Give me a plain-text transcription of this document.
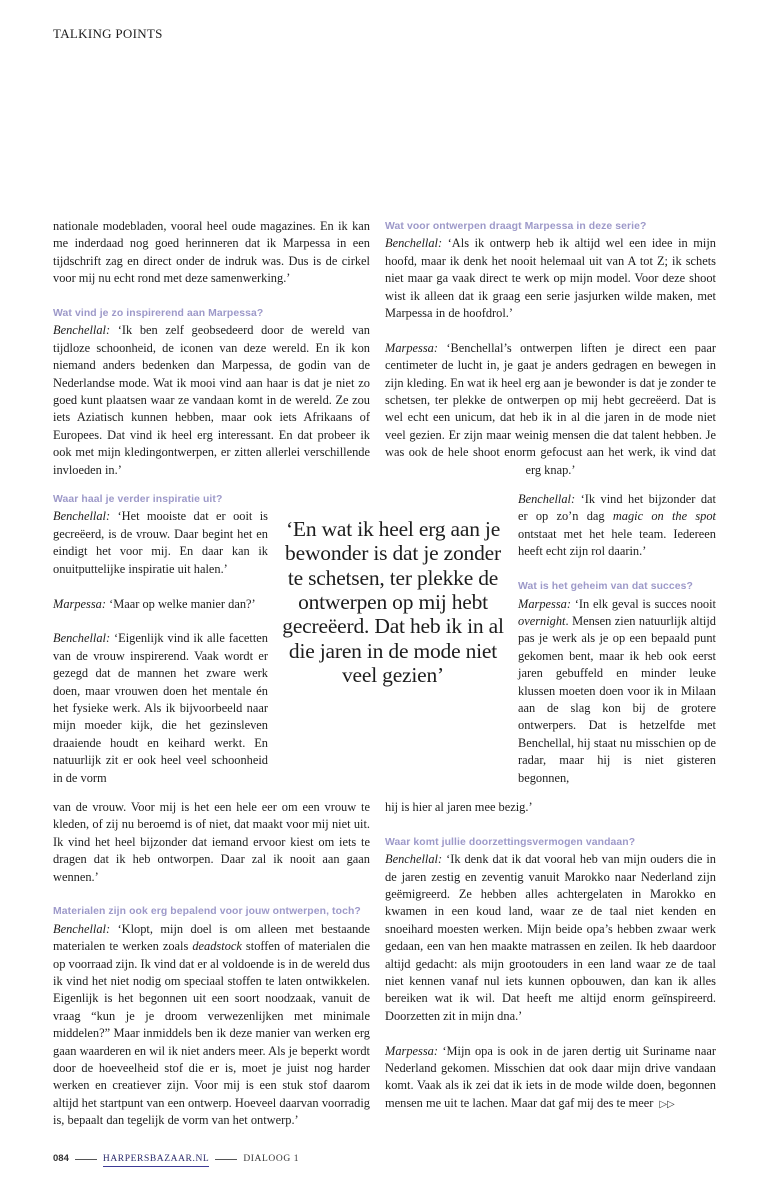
TALKING POINTS

nationale modebladen, vooral heel oude magazines. En ik kan me inderdaad nog goed herinneren dat ik Marpessa in een tijdschrift zag en direct onder de indruk was. Dus is de cirkel voor mij nu echt rond met deze samenwerking.’

Wat vind je zo inspirerend aan Marpessa?
Benchellal: ‘Ik ben zelf geobsedeerd door de wereld van tijdloze schoonheid, de iconen van deze wereld. En ik kon niemand anders bedenken dan Marpessa, de godin van de Nederlandse mode. Wat ik mooi vind aan haar is dat je niet zo goed kunt plaatsen waar ze vandaan komt in de wereld. Ze zou iets Aziatisch kunnen hebben, maar ook iets Afrikaans of Europees. Dat vind ik heel erg interessant. En dat probeer ik ook met mijn kledingontwerpen, er zitten allerlei verschillende invloeden in.’

Wat voor ontwerpen draagt Marpessa in deze serie?
Benchellal: ‘Als ik ontwerp heb ik altijd wel een idee in mijn hoofd, maar ik denk het nooit helemaal uit van A tot Z; ik schets niet maar ga vaak direct te werk op mijn model. Voor deze shoot wist ik alleen dat ik graag een serie jasjurken wilde maken, met Marpessa in de hoofdrol.’

Marpessa: ‘Benchellal’s ontwerpen liften je direct een paar centimeter de lucht in, je gaat je anders gedragen en bewegen in zijn kleding. En wat ik heel erg aan je bewonder is dat je zonder te schetsen, ter plekke de ontwerpen op mij hebt gecreëerd. Dat is wel echt een unicum, dat heb ik in al die jaren in de mode niet veel gezien. Er zijn maar weinig mensen die dat talent hebben. Je was ook de hele shoot enorm gefocust aan het werk, ik vind dat erg knap.’

Waar haal je verder inspiratie uit?
Benchellal: ‘Het mooiste dat er ooit is gecreëerd, is de vrouw. Daar begint het en eindigt het voor mij. En daar kan ik onuitputtelijke inspiratie uit halen.’

Marpessa: ‘Maar op welke manier dan?’

Benchellal: ‘Eigenlijk vind ik alle facetten van de vrouw inspirerend. Vaak wordt er gezegd dat de mannen het zware werk doen, maar vrouwen doen het mentale én het fysieke werk. Als ik bijvoorbeeld naar mijn moeder kijk, die het gezinsleven draaiende houdt en keihard werkt. En natuurlijk zit er ook heel veel schoonheid in de vorm

‘En wat ik heel erg aan je bewonder is dat je zonder te schetsen, ter plekke de ontwerpen op mij hebt gecreëerd. Dat heb ik in al die jaren in de mode niet veel gezien’

Benchellal: ‘Ik vind het bijzonder dat er op zo’n dag magic on the spot ontstaat met het hele team. Iedereen heeft echt zijn rol daarin.’

Wat is het geheim van dat succes?
Marpessa: ‘In elk geval is succes nooit overnight. Mensen zien natuurlijk altijd pas je werk als je op een bepaald punt gekomen bent, maar ik heb ook eerst jaren gebuffeld en minder leuke klussen moeten doen voor ik in Milaan aan de slag kon bij de grotere ontwerpers. Dat is hetzelfde met Benchellal, hij staat nu misschien op de radar, maar hij is niet gisteren begonnen,

van de vrouw. Voor mij is het een hele eer om een vrouw te kleden, of zij nu beroemd is of niet, dat maakt voor mij niet uit. Ik vind het heel bijzonder dat iemand ervoor kiest om iets te dragen dat ik heb ontworpen. Daar zal ik nooit aan gaan wennen.’

Materialen zijn ook erg bepalend voor jouw ontwerpen, toch?
Benchellal: ‘Klopt, mijn doel is om alleen met bestaande materialen te werken zoals deadstock stoffen of materialen die op voorraad zijn. Ik vind dat er al voldoende is in de wereld dus ik vind het niet nodig om speciaal stoffen te laten ontwikkelen. Eigenlijk is het begonnen uit een soort noodzaak, vanuit de vraag “kun je je droom verwezenlijken met minimale middelen?” Maar inmiddels ben ik deze manier van werken erg gaan waarderen en wil ik niet anders meer. Als je beperkt wordt door de hoeveelheid stof die er is, moet je juist nog harder werken en creatiever zijn. Voor mij is een stuk stof daarom altijd het startpunt van een ontwerp. Hoeveel daarvan voorradig is, bepaalt dan tegelijk de vorm van het ontwerp.’

hij is hier al jaren mee bezig.’

Waar komt jullie doorzettingsvermogen vandaan?
Benchellal: ‘Ik denk dat ik dat vooral heb van mijn ouders die in de jaren zestig en zeventig vanuit Marokko naar Nederland zijn geëmigreerd. Ze hebben alles achtergelaten in Marokko en kwamen in een koud land, waar ze de taal niet kenden en snoeihard moesten werken. Mijn beide opa’s hebben zwaar werk gedaan, een van hen maakte matrassen en zeilen. Ik heb daardoor altijd gedacht: als mijn grootouders in een land waar ze de taal niet kennen vanaf nul iets kunnen opbouwen, dan kan ik alles bereiken wat ik wil. Dat heeft me altijd enorm geïnspireerd. Doorzetten zit in mijn dna.’

Marpessa: ‘Mijn opa is ook in de jaren dertig uit Suriname naar Nederland gekomen. Misschien dat ook daar mijn drive vandaan komt. Vaak als ik zei dat ik iets in de mode wilde doen, begonnen mensen me uit te lachen. Maar dat gaf mij des te meer ▷▷

084	HARPERSBAZAAR.NL	DIALOOG 1
